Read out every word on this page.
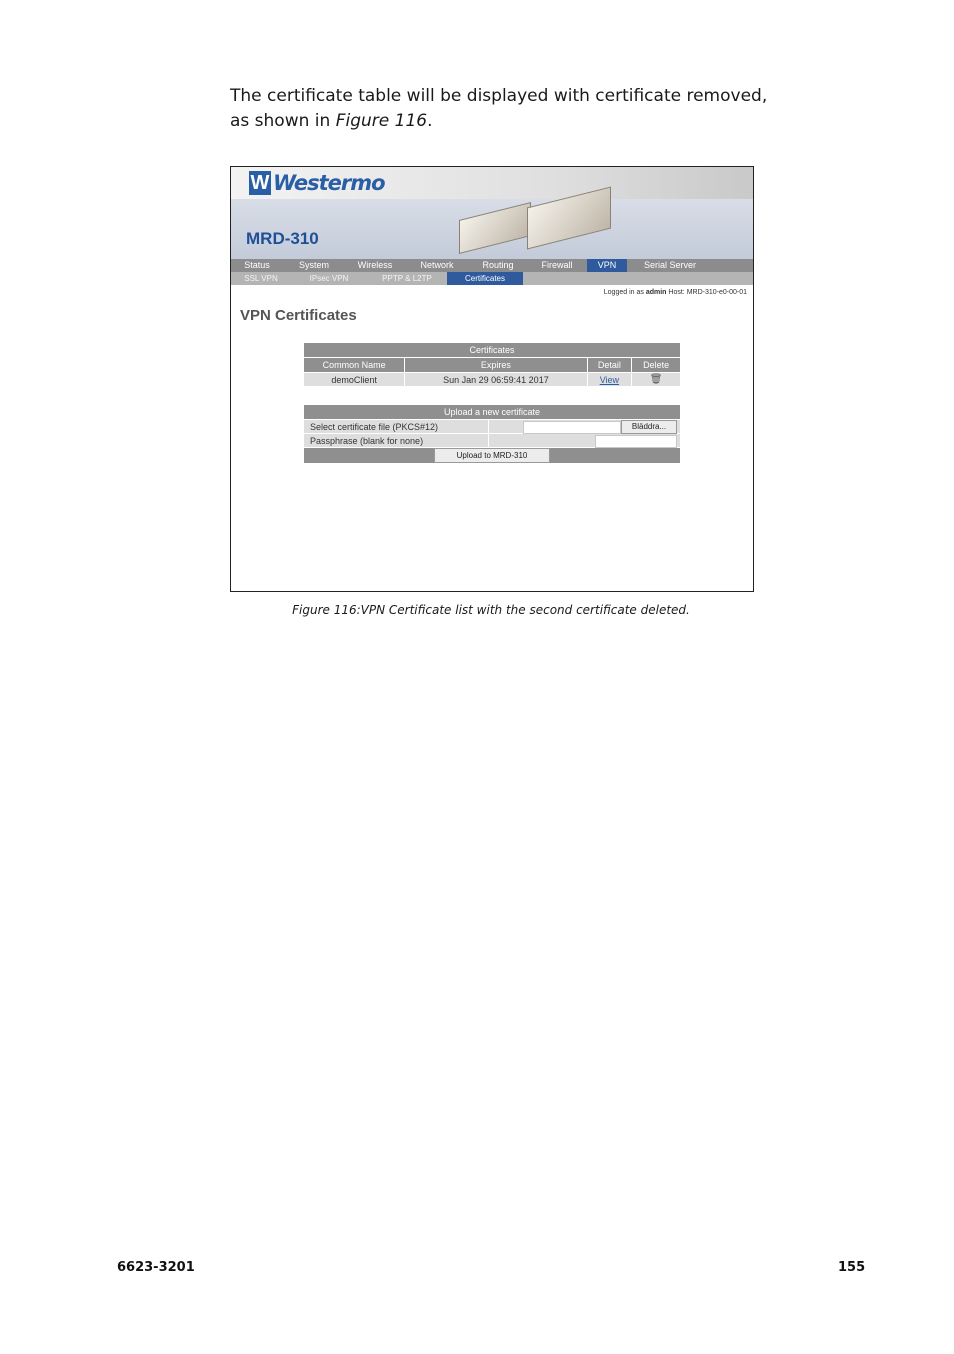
The certificate table will be displayed with certificate removed, as shown in Figure 116.
W Westermo
MRD-310
Status	System	Wireless	Network	Routing	Firewall	VPN	Serial Server
SSL VPN	IPsec VPN	PPTP & L2TP	Certificates
Logged in as admin Host: MRD-310-e0-00-01
VPN Certificates
Certificates			
Common Name	Expires	Detail	Delete
demoClient	Sun Jan 29 06:59:41 2017	View	🗑
Upload a new certificate	
Select certificate file (PKCS#12)	Bläddra...

Passphrase (blank for none)	

Upload to MRD-310	
Figure 116:VPN Certificate list with the second certificate deleted.
6623-3201	155
